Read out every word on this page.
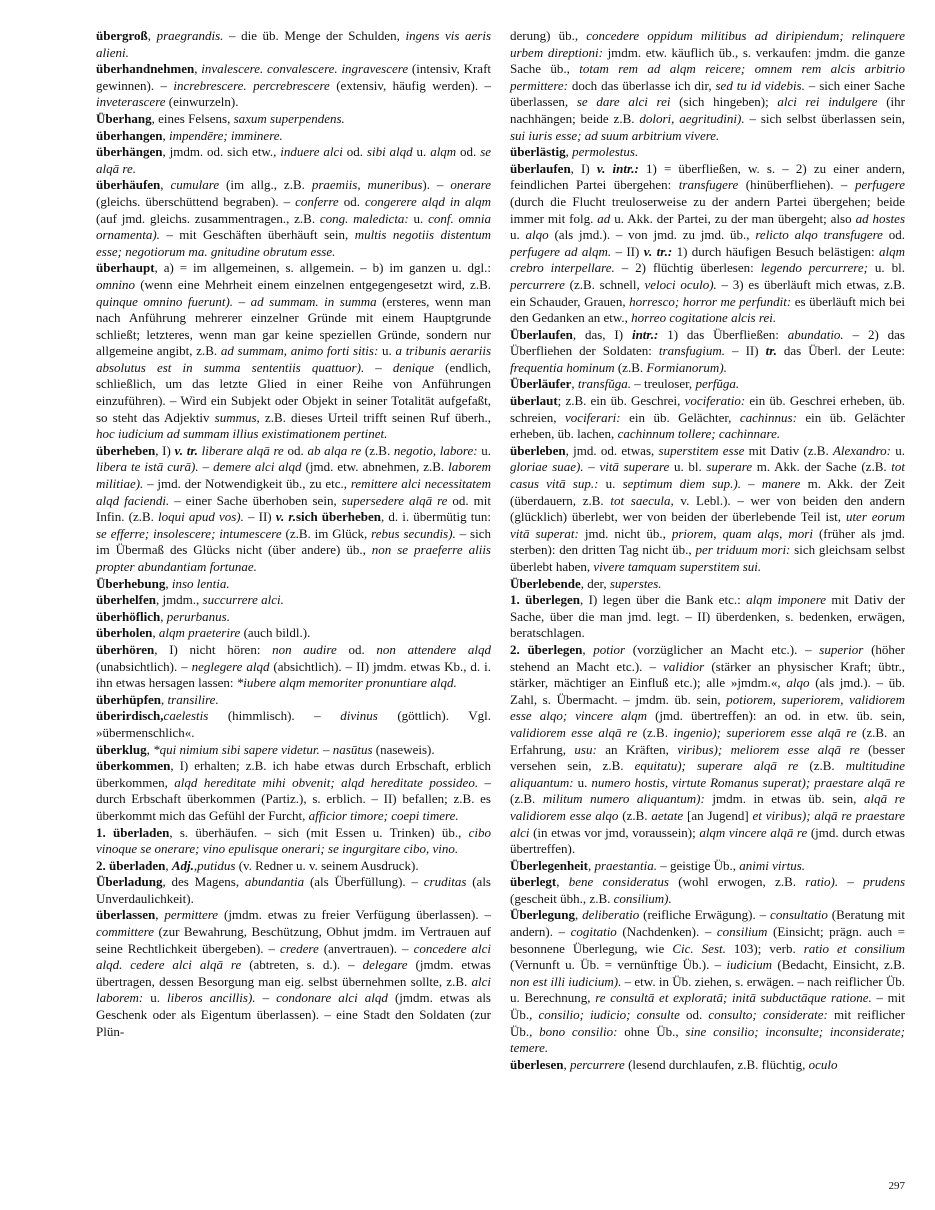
übergroß, praegrandis. – die üb. Menge der Schulden, ingens vis aeris alieni.

überhandnehmen, invalescere. convalescere. ingravescere (intensiv, Kraft gewinnen). – increbrescere. percrebrescere (extensiv, häufig werden). – inveterascere (einwurzeln).

Überhang, eines Felsens, saxum superpendens.

überhangen, impendēre; imminere.

überhängen, jmdm. od. sich etw., induere alci od. sibi alqd u. alqm od. se alqā re.

überhäufen, cumulare (im allg., z.B. praemiis, muneribus). – onerare (gleichs. überschüttend begraben). – conferre od. congerere alqd in alqm (auf jmd. gleichs. zusammentragen., z.B. cong. maledicta: u. conf. omnia ornamenta). – mit Geschäften überhäuft sein, multis negotiis distentum esse; negotiorum ma. gnitudine obrutum esse.

überhaupt, a) = im allgemeinen, s. allgemein. – b) im ganzen u. dgl.: omnino (wenn eine Mehrheit einem einzelnen entgegengesetzt wird, z.B. quinque omnino fuerunt). – ad summam. in summa (ersteres, wenn man nach Anführung mehrerer einzelner Gründe mit einem Hauptgrunde schließt; letzteres, wenn man gar keine speziellen Gründe, sondern nur allgemeine angibt, z.B. ad summam, animo forti sitis: u. a tribunis aerariis absolutus est in summa sententiis quattuor). – denique (endlich, schließlich, um das letzte Glied in einer Reihe von Anführungen einzuführen). – Wird ein Subjekt oder Objekt in seiner Totalität aufgefaßt, so steht das Adjektiv summus, z.B. dieses Urteil trifft seinen Ruf überh., hoc iudicium ad summam illius existimationem pertinet.

überheben, I) v. tr. liberare alqā re od. ab alqa re (z.B. negotio, labore: u. libera te istā curā). – demere alci alqd (jmd. etw. abnehmen, z.B. laborem militiae). – jmd. der Notwendigkeit üb., zu etc., remittere alci necessitatem alqd faciendi. – einer Sache überhoben sein, supersedere alqā re od. mit Infin. (z.B. loqui apud vos). – II) v. r.sich überheben, d. i. übermütig tun: se efferre; insolescere; intumescere (z.B. im Glück, rebus secundis). – sich im Übermaß des Glücks nicht (über andere) üb., non se praeferre aliis propter abundantiam fortunae.

Überhebung, inso lentia.

überhelfen, jmdm., succurrere alci.

überhöflich, perurbanus.

überholen, alqm praeterire (auch bildl.).

überhören, I) nicht hören: non audire od. non attendere alqd (unabsichtlich). – neglegere alqd (absichtlich). – II) jmdm. etwas Kb., d. i. ihn etwas hersagen lassen: *iubere alqm memoriter pronuntiare alqd.

überhüpfen, transilire.

überirdisch,caelestis (himmlisch). – divinus (göttlich). Vgl. »übermenschlich«.

überklug, *qui nimium sibi sapere videtur. – nasūtus (naseweis).

überkommen, I) erhalten; z.B. ich habe etwas durch Erbschaft, erblich überkommen, alqd hereditate mihi obvenit; alqd hereditate possideo. – durch Erbschaft überkommen (Partiz.), s. erblich. – II) befallen; z.B. es überkommt mich das Gefühl der Furcht, afficior timore; coepi timere.

1. überladen, s. überhäufen. – sich (mit Essen u. Trinken) üb., cibo vinoque se onerare; vino epulisque onerari; se ingurgitare cibo, vino.

2. überladen, Adj.,putidus (v. Redner u. v. seinem Ausdruck).

Überladung, des Magens, abundantia (als Überfüllung). – cruditas (als Unverdaulichkeit).

überlassen, permittere (jmdm. etwas zu freier Verfügung überlassen). – committere (zur Bewahrung, Beschützung, Obhut jmdm. im Vertrauen auf seine Rechtlichkeit übergeben). – credere (anvertrauen). – concedere alci alqd. cedere alci alqā re (abtreten, s. d.). – delegare (jmdm. etwas übertragen, dessen Besorgung man eig. selbst übernehmen sollte, z.B. alci laborem: u. liberos ancillis). – condonare alci alqd (jmdm. etwas als Geschenk oder als Eigentum überlassen). – eine Stadt den Soldaten (zur Plün-

derung) üb., concedere oppidum militibus ad diripiendum; relinquere urbem direptioni: jmdm. etw. käuflich üb., s. verkaufen: jmdm. die ganze Sache üb., totam rem ad alqm reicere; omnem rem alcis arbitrio permittere: doch das überlasse ich dir, sed tu id videbis. – sich einer Sache überlassen, se dare alci rei (sich hingeben); alci rei indulgere (ihr nachhängen; beide z.B. dolori, aegritudini). – sich selbst überlassen sein, sui iuris esse; ad suum arbitrium vivere.

überlästig, permolestus.

überlaufen, I) v. intr.: 1) = überfließen, w. s. – 2) zu einer andern, feindlichen Partei übergehen: transfugere (hinüberfliehen). – perfugere (durch die Flucht treuloserweise zu der andern Partei übergehen; beide immer mit folg. ad u. Akk. der Partei, zu der man übergeht; also ad hostes u. alqo (als jmd.). – von jmd. zu jmd. üb., relicto alqo transfugere od. perfugere ad alqm. – II) v. tr.: 1) durch häufigen Besuch belästigen: alqm crebro interpellare. – 2) flüchtig überlesen: legendo percurrere; u. bl. percurrere (z.B. schnell, veloci oculo). – 3) es überläuft mich etwas, z.B. ein Schauder, Grauen, horresco; horror me perfundit: es überläuft mich bei den Gedanken an etw., horreo cogitatione alcis rei.

Überlaufen, das, I) intr.: 1) das Überfließen: abundatio. – 2) das Überfliehen der Soldaten: transfugium. – II) tr. das Überl. der Leute: frequentia hominum (z.B. Formianorum).

Überläufer, transfŭga. – treuloser, perfŭga.

überlaut; z.B. ein üb. Geschrei, vociferatio: ein üb. Geschrei erheben, üb. schreien, vociferari: ein üb. Gelächter, cachinnus: ein üb. Gelächter erheben, üb. lachen, cachinnum tollere; cachinnare.

überleben, jmd. od. etwas, superstitem esse mit Dativ (z.B. Alexandro: u. gloriae suae). – vitā superare u. bl. superare m. Akk. der Sache (z.B. tot casus vitā sup.: u. septimum diem sup.). – manere m. Akk. der Zeit (überdauern, z.B. tot saecula, v. Lebl.). – wer von beiden den andern (glücklich) überlebt, wer von beiden der überlebende Teil ist, uter eorum vitā superat: jmd. nicht üb., priorem, quam alqs, mori (früher als jmd. sterben): den dritten Tag nicht üb., per triduum mori: sich gleichsam selbst überlebt haben, vivere tamquam superstitem sui.

Überlebende, der, superstes.

1. überlegen, I) legen über die Bank etc.: alqm imponere mit Dativ der Sache, über die man jmd. legt. – II) überdenken, s. bedenken, erwägen, beratschlagen.

2. überlegen, potior (vorzüglicher an Macht etc.). – superior (höher stehend an Macht etc.). – validior (stärker an physischer Kraft; übtr., stärker, mächtiger an Einfluß etc.); alle »jmdm.«, alqo (als jmd.). – üb. Zahl, s. Übermacht. – jmdm. üb. sein, potiorem, superiorem, validiorem esse alqo; vincere alqm (jmd. übertreffen): an od. in etw. üb. sein, validiorem esse alqā re (z.B. ingenio); superiorem esse alqā re (z.B. an Erfahrung, usu: an Kräften, viribus); meliorem esse alqā re (besser versehen sein, z.B. equitatu); superare alqā re (z.B. multitudine aliquantum: u. numero hostis, virtute Romanus superat); praestare alqā re (z.B. militum numero aliquantum): jmdm. in etwas üb. sein, alqā re validiorem esse alqo (z.B. aetate [an Jugend] et viribus); alqā re praestare alci (in etwas vor jmd, voraussein); alqm vincere alqā re (jmd. durch etwas übertreffen).

Überlegenheit, praestantia. – geistige Üb., animi virtus.

überlegt, bene consideratus (wohl erwogen, z.B. ratio). – prudens (gescheit übh., z.B. consilium).

Überlegung, deliberatio (reifliche Erwägung). – consultatio (Beratung mit andern). – cogitatio (Nachdenken). – consilium (Einsicht; prägn. auch = besonnene Überlegung, wie Cic. Sest. 103); verb. ratio et consilium (Vernunft u. Üb. = vernünftige Üb.). – iudicium (Bedacht, Einsicht, z.B. non est illi iudicium). – etw. in Üb. ziehen, s. erwägen. – nach reiflicher Üb. u. Berechnung, re consultā et exploratā; initā subductāque ratione. – mit Üb., consilio; iudicio; consulte od. consulto; considerate: mit reiflicher Üb., bono consilio: ohne Üb., sine consilio; inconsulte; inconsiderate; temere.

überlesen, percurrere (lesend durchlaufen, z.B. flüchtig, oculo

297
